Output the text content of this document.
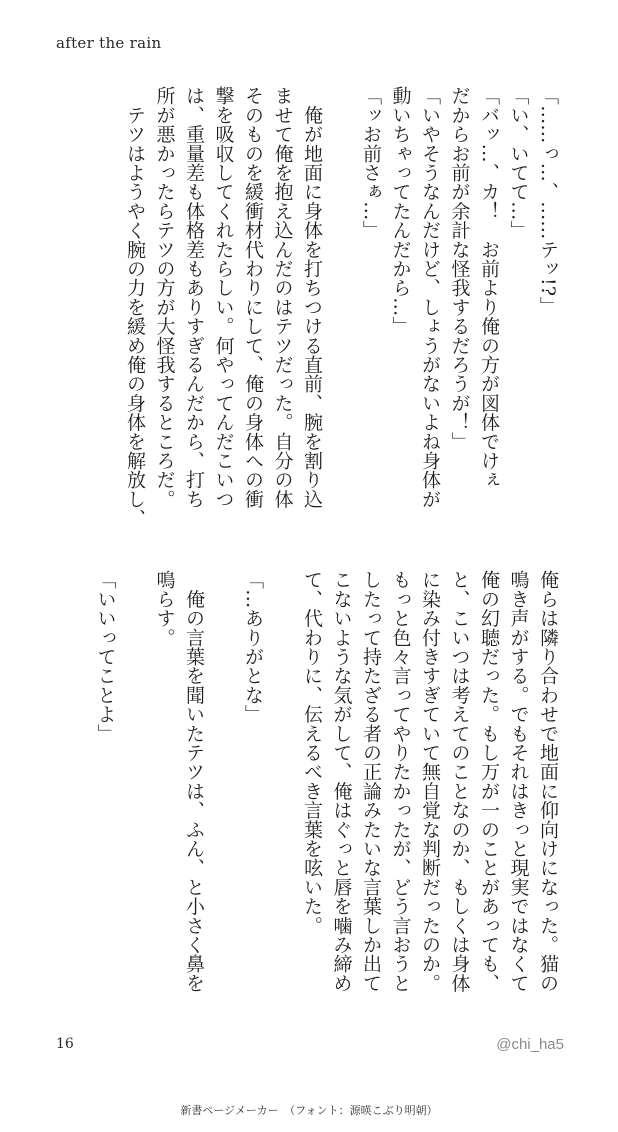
after the rain
「……っ…、……テッ!?」
「い、いてて…」
「バッ…、カ！　お前より俺の方が図体でけぇ
だからお前が余計な怪我するだろうが！」
「いやそうなんだけど、しょうがないよね身体が
動いちゃってたんだから…」
「ッお前さぁ…」
　俺が地面に身体を打ちつける直前、腕を割り込
ませて俺を抱え込んだのはテツだった。自分の体
そのものを緩衝材代わりにして、俺の身体への衝
撃を吸収してくれたらしい。何やってんだこいつ
は、重量差も体格差もありすぎるんだから、打ち
所が悪かったらテツの方が大怪我するところだ。
　テツはようやく腕の力を緩め俺の身体を解放し、
俺らは隣り合わせで地面に仰向けになった。猫の
鳴き声がする。でもそれはきっと現実ではなくて
俺の幻聴だった。もし万が一のことがあっても、
と、こいつは考えてのことなのか、もしくは身体
に染み付きすぎていて無自覚な判断だったのか。
もっと色々言ってやりたかったが、どう言おうと
したって持たざる者の正論みたいな言葉しか出て
こないような気がして、俺はぐっと唇を噛み締め
て、代わりに、伝えるべき言葉を呟いた。
「…ありがとな」
　俺の言葉を聞いたテツは、ふん、と小さく鼻を
鳴らす。
「いいってことよ」
16	@chi_ha5
新書ページメーカー　（フォント：源暎こぶり明朝）
